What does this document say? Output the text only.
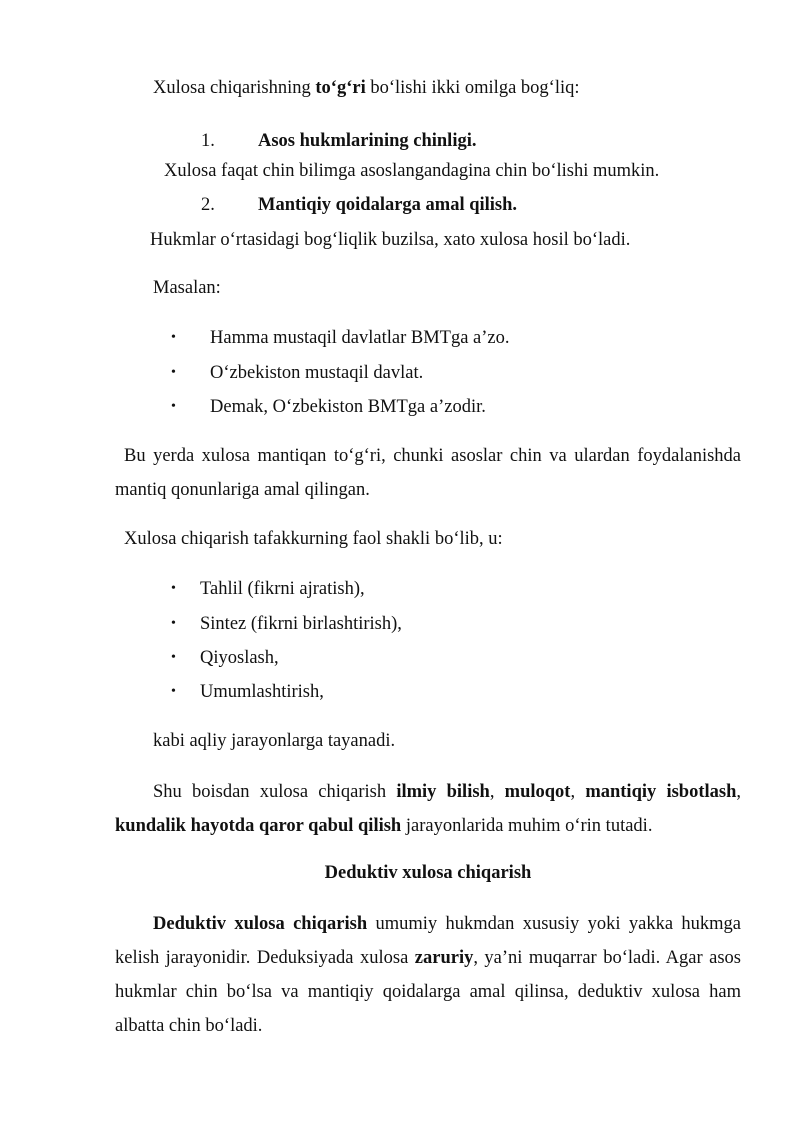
Xulosa chiqarishning to‘g‘ri bo‘lishi ikki omilga bog‘liq:
1. Asos hukmlarining chinligi.
Xulosa faqat chin bilimga asoslangandagina chin bo‘lishi mumkin.
2. Mantiqiy qoidalarga amal qilish.
Hukmlar o‘rtasidagi bog‘liqlik buzilsa, xato xulosa hosil bo‘ladi.
Masalan:
• Hamma mustaqil davlatlar BMTga a’zo.
• O‘zbekiston mustaqil davlat.
• Demak, O‘zbekiston BMTga a’zodir.
Bu yerda xulosa mantiqan to‘g‘ri, chunki asoslar chin va ulardan foydalanishda mantiq qonunlariga amal qilingan.
Xulosa chiqarish tafakkurning faol shakli bo‘lib, u:
• Tahlil (fikrni ajratish),
• Sintez (fikrni birlashtirish),
• Qiyoslash,
• Umumlashtirish,
kabi aqliy jarayonlarga tayanadi.
Shu boisdan xulosa chiqarish ilmiy bilish, muloqot, mantiqiy isbotlash, kundalik hayotda qaror qabul qilish jarayonlarida muhim o‘rin tutadi.
Deduktiv xulosa chiqarish
Deduktiv xulosa chiqarish umumiy hukmdan xususiy yoki yakka hukmga kelish jarayonidir. Deduksiyada xulosa zaruriy, ya’ni muqarrar bo‘ladi. Agar asos hukmlar chin bo‘lsa va mantiqiy qoidalarga amal qilinsa, deduktiv xulosa ham albatta chin bo‘ladi.
